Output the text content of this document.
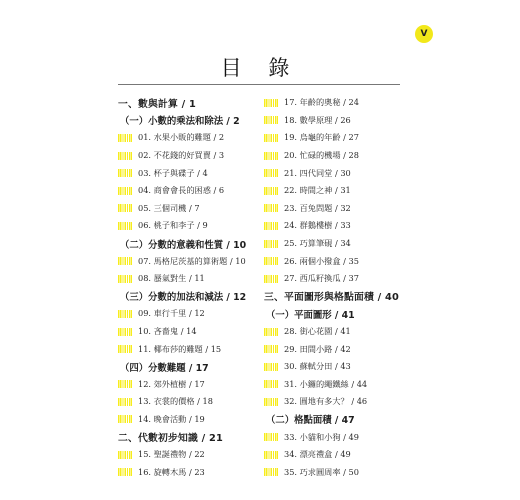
V
目 錄
一、數與計算 / 1
（一）小數的乘法和除法 / 2
01. 水果小販的難題 / 2
02. 不花錢的好買賣 / 3
03. 杯子與碟子 / 4
04. 商會會長的困惑 / 6
05. 三個司機 / 7
06. 桃子和李子 / 9
（二）分數的意義和性質 / 10
07. 馬格尼茨基的算術題 / 10
08. 蜃氣對生 / 11
（三）分數的加法和減法 / 12
09. 車行千里 / 12
10. 吝嗇鬼 / 14
11. 椰布莎的難題 / 15
（四）分數難題 / 17
12. 郊外植樹 / 17
13. 衣裳的價格 / 18
14. 晚會活動 / 19
二、代數初步知識 / 21
15. 聖誕禮物 / 22
16. 旋轉木馬 / 23
17. 年齡的奧秘 / 24
18. 數學原理 / 26
19. 烏龜的年齡 / 27
20. 忙碌的機場 / 28
21. 四代同堂 / 30
22. 時間之神 / 31
23. 百兔問題 / 32
24. 群鵝樓樹 / 33
25. 巧算筆硯 / 34
26. 兩個小撥盒 / 35
27. 西瓜籽換瓜 / 37
三、平面圖形與格點面積 / 40
（一）平面圖形 / 41
28. 街心花園 / 41
29. 田間小路 / 42
30. 蘇軾分田 / 43
31. 小鑼的繩鐵絲 / 44
32. 圓地有多大？ / 46
（二）格點面積 / 47
33. 小貓和小狗 / 49
34. 漂亮禮盒 / 49
35. 巧求圓周率 / 50
